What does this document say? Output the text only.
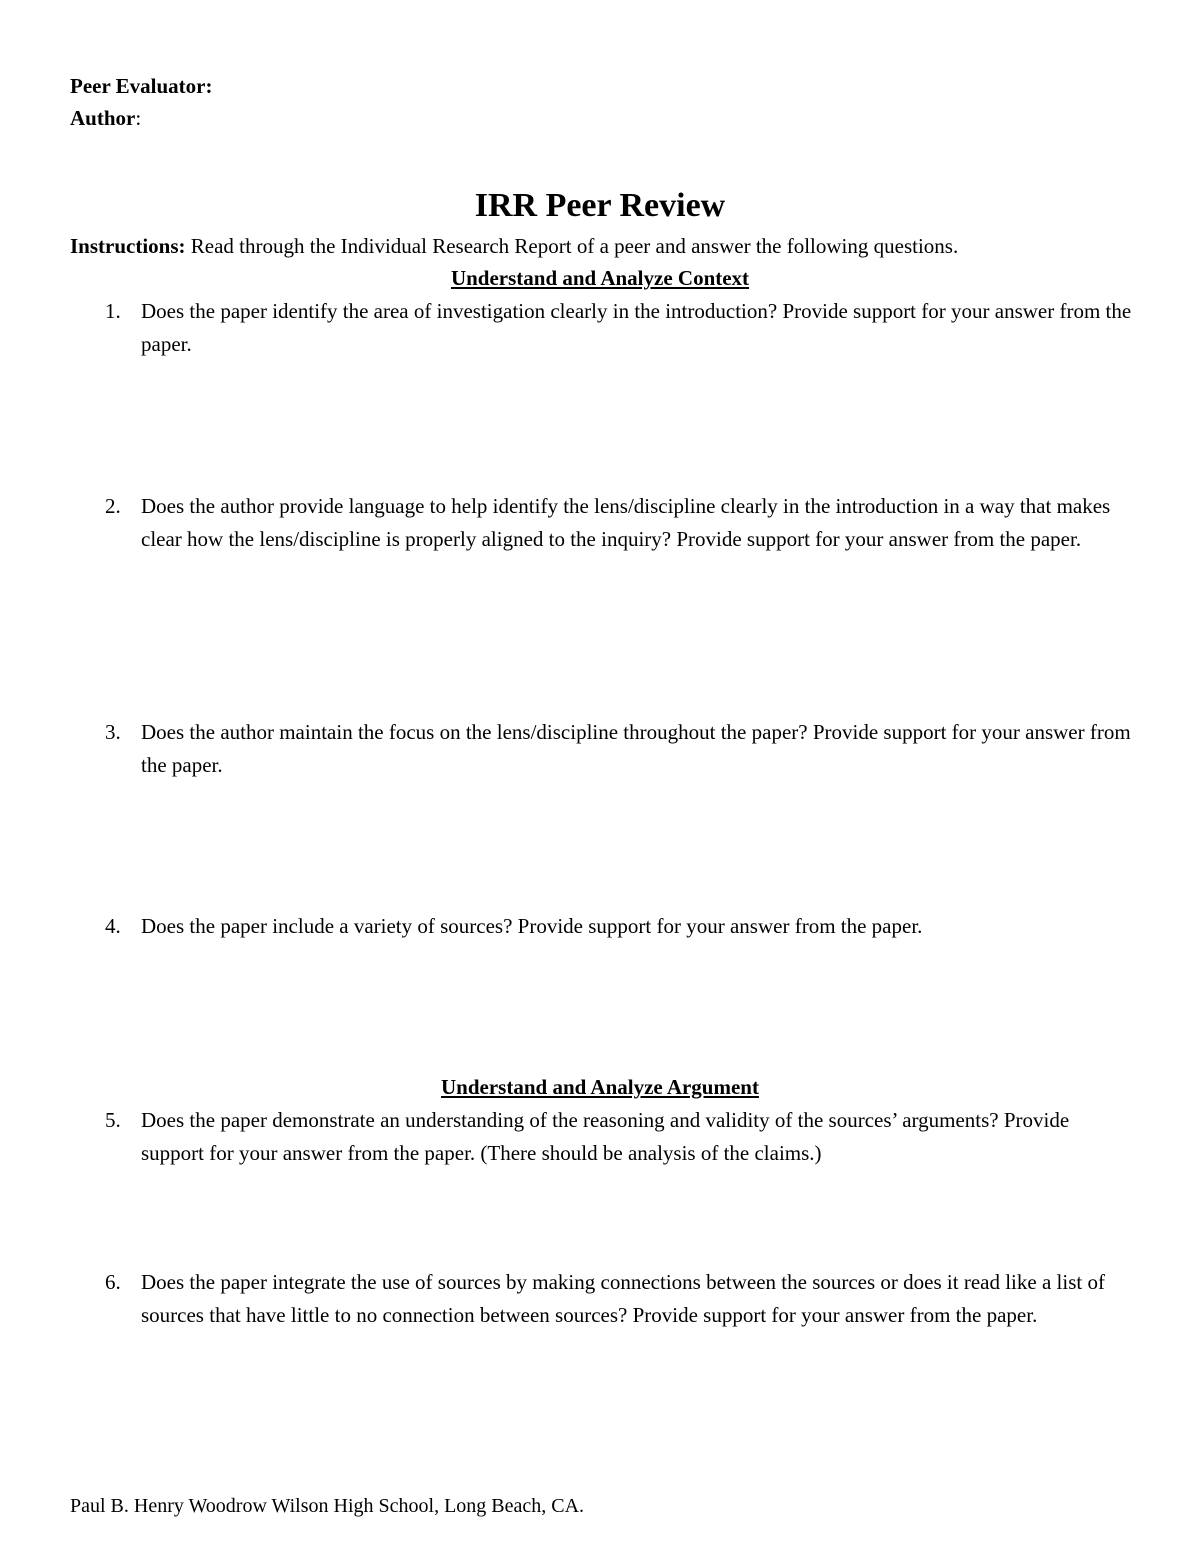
Peer Evaluator:
Author:
IRR Peer Review
Instructions: Read through the Individual Research Report of a peer and answer the following questions.
Understand and Analyze Context
1. Does the paper identify the area of investigation clearly in the introduction? Provide support for your answer from the paper.
2. Does the author provide language to help identify the lens/discipline clearly in the introduction in a way that makes clear how the lens/discipline is properly aligned to the inquiry? Provide support for your answer from the paper.
3. Does the author maintain the focus on the lens/discipline throughout the paper? Provide support for your answer from the paper.
4. Does the paper include a variety of sources? Provide support for your answer from the paper.
Understand and Analyze Argument
5. Does the paper demonstrate an understanding of the reasoning and validity of the sources’ arguments? Provide support for your answer from the paper. (There should be analysis of the claims.)
6. Does the paper integrate the use of sources by making connections between the sources or does it read like a list of sources that have little to no connection between sources? Provide support for your answer from the paper.
Paul B. Henry Woodrow Wilson High School, Long Beach, CA.
